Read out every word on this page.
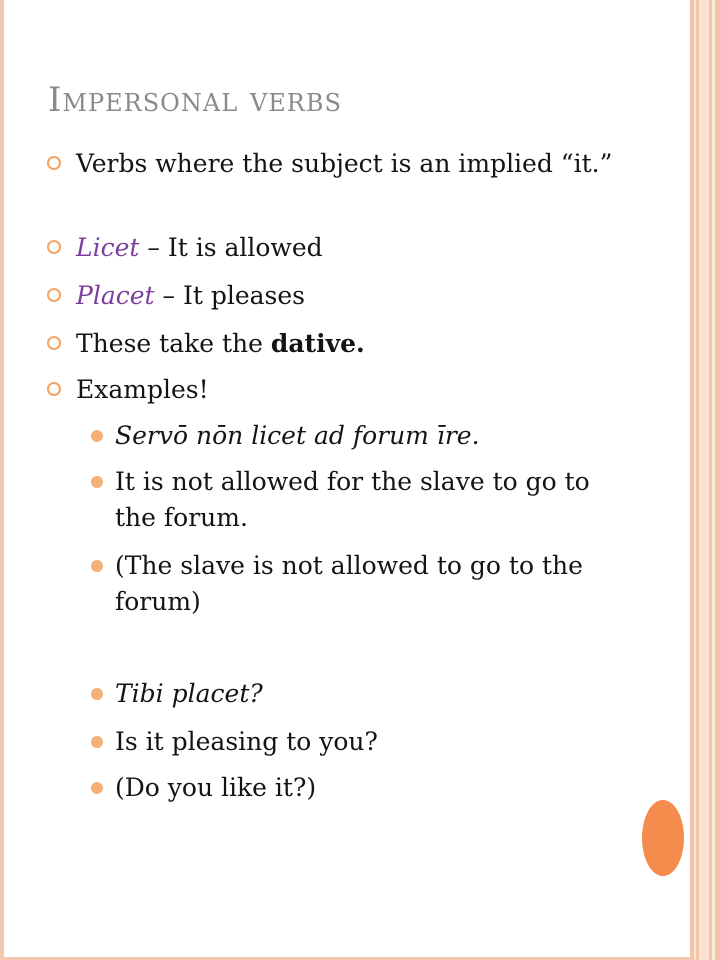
Impersonal verbs
Verbs where the subject is an implied “it.”
Licet – It is allowed
Placet – It pleases
These take the dative.
Examples!
Servō nōn licet ad forum īre.
It is not allowed for the slave to go to the forum.
(The slave is not allowed to go to the forum)
Tibi placet?
Is it pleasing to you?
(Do you like it?)
